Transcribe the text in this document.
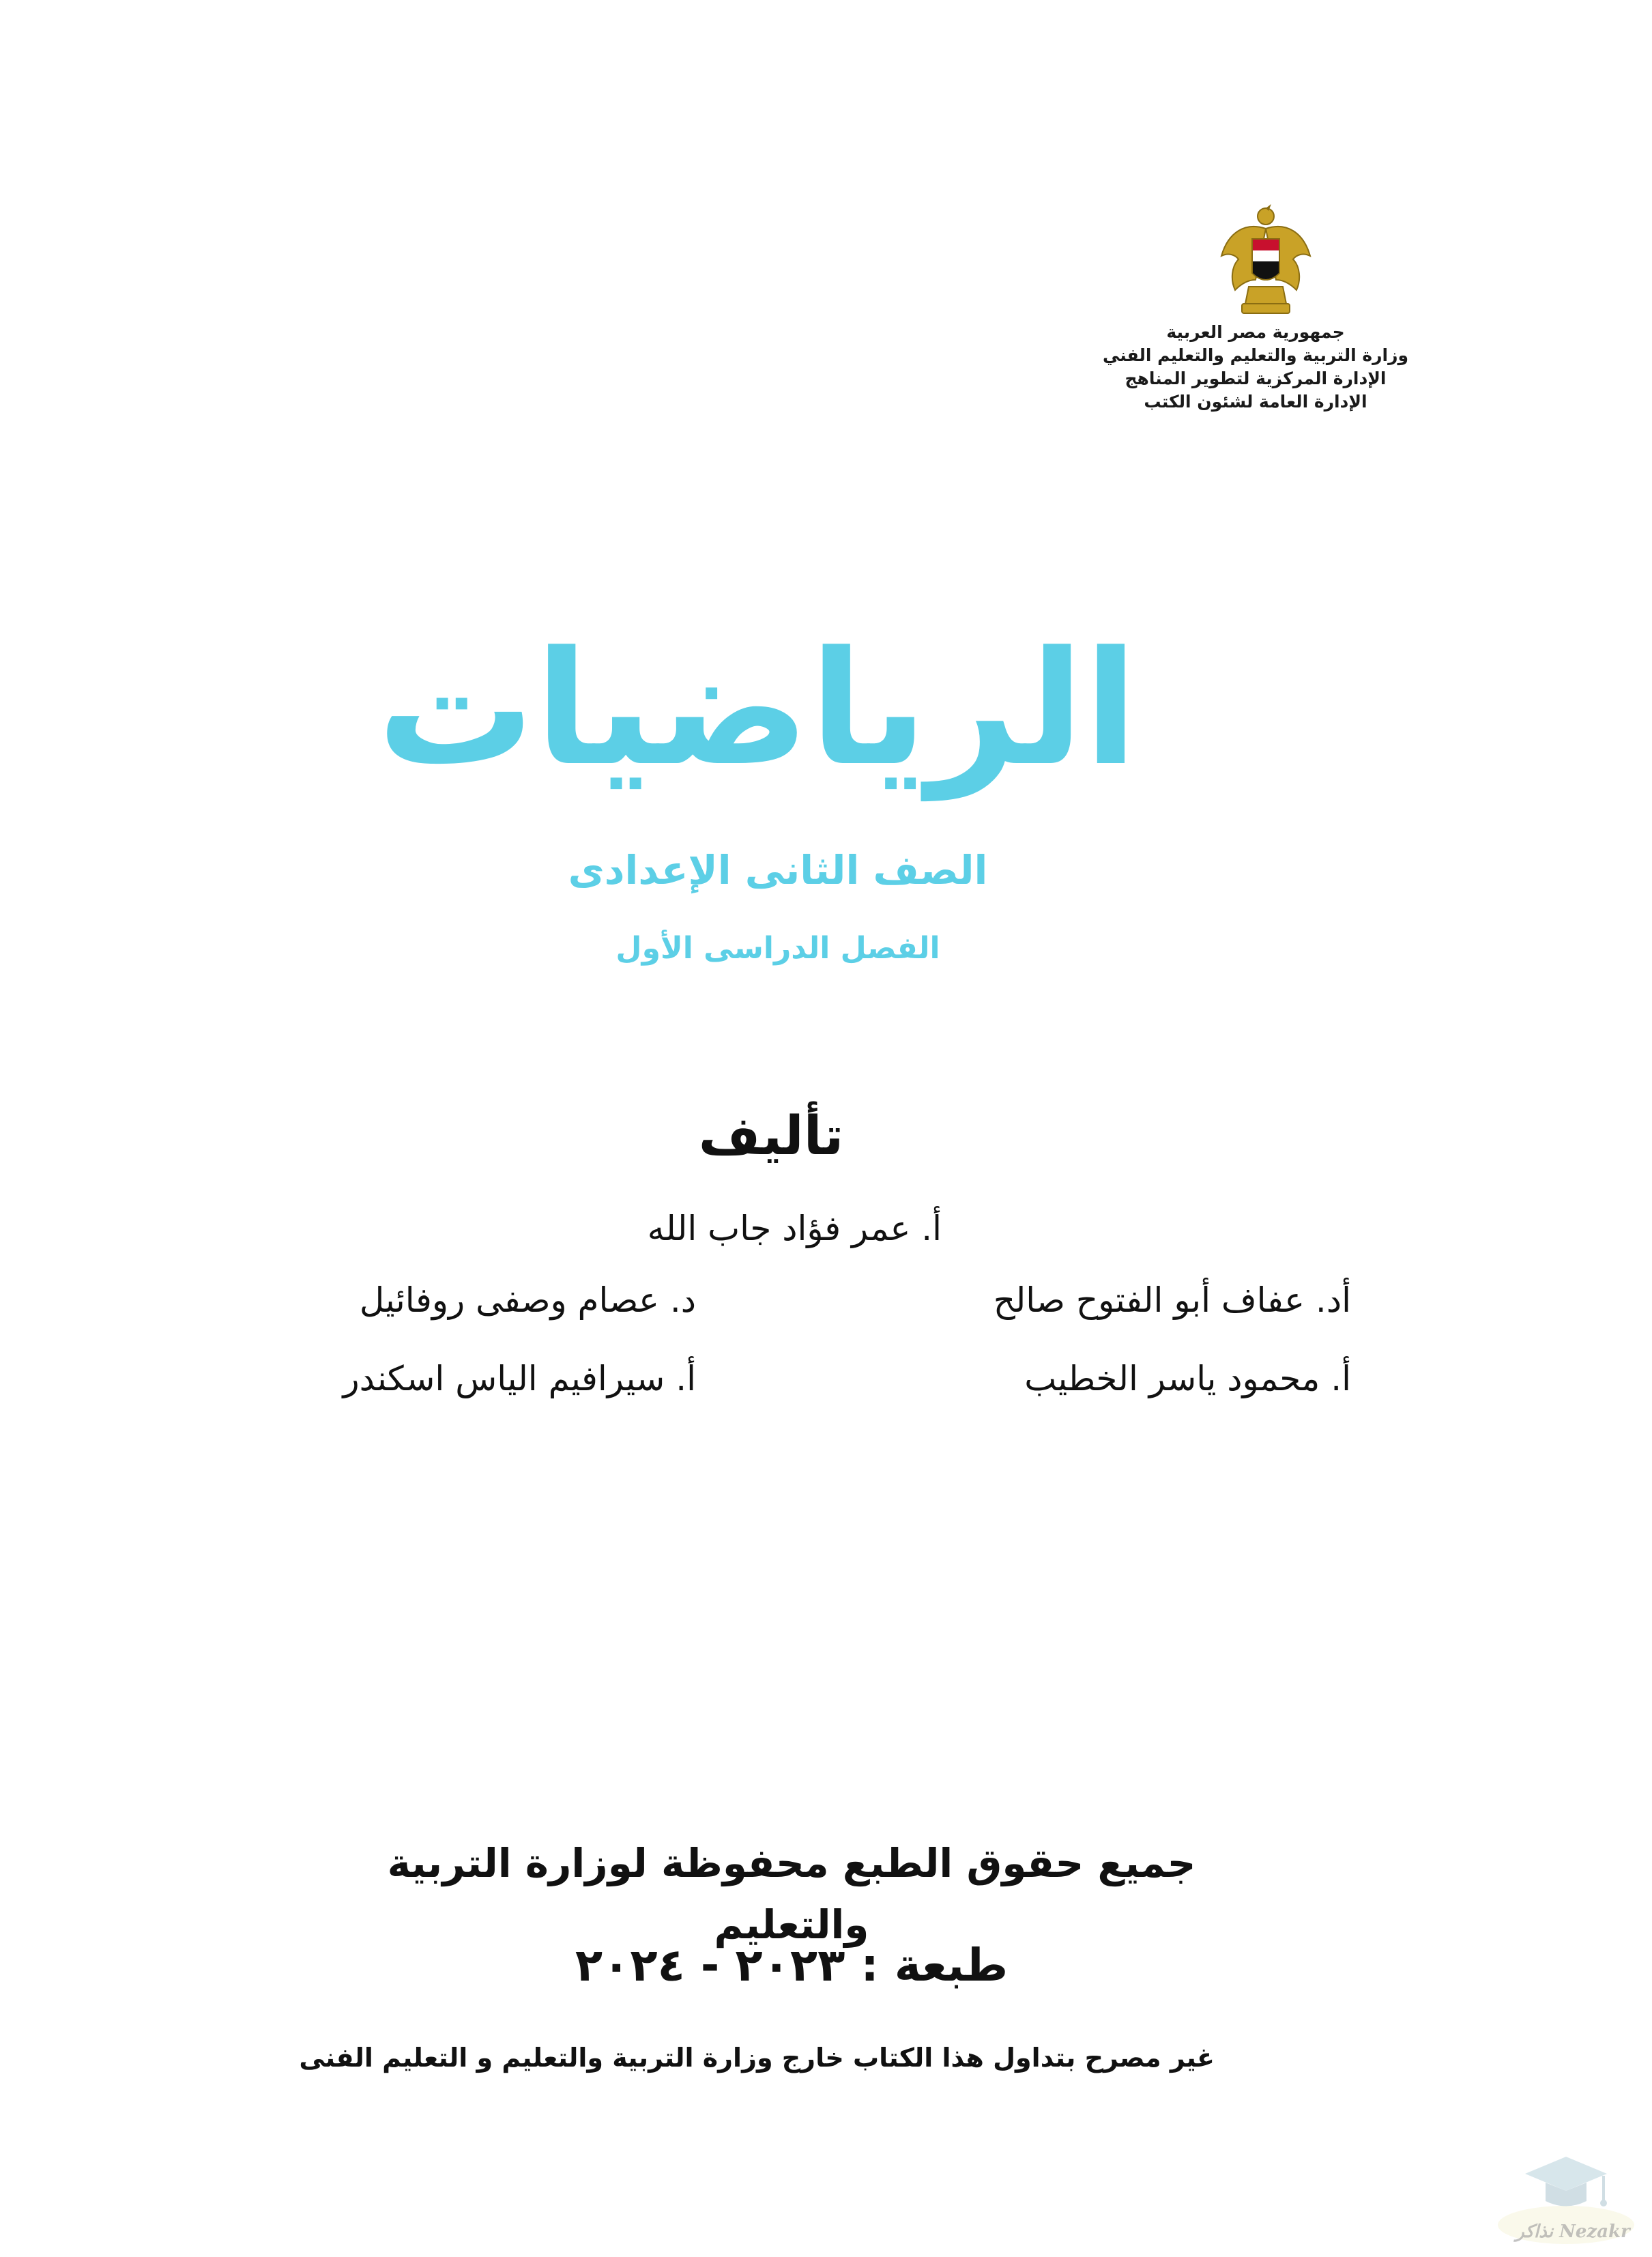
جمهورية مصر العربية
وزارة التربية والتعليم والتعليم الفني
الإدارة المركزية لتطوير المناهج
الإدارة العامة لشئون الكتب
الرياضيات
الصف الثانى الإعدادى
الفصل الدراسى الأول
تأليف
أ. عمر فؤاد جاب الله
أد. عفاف أبو الفتوح صالح
د. عصام وصفى روفائيل
أ. محمود ياسر الخطيب
أ. سيرافيم الياس اسكندر
جميع حقوق الطبع محفوظة لوزارة التربية والتعليم
طبعة : ٢٠٢٣ - ٢٠٢٤
غير مصرح بتداول هذا الكتاب خارج وزارة التربية والتعليم و التعليم الفنى
Nezakr نذاكر
